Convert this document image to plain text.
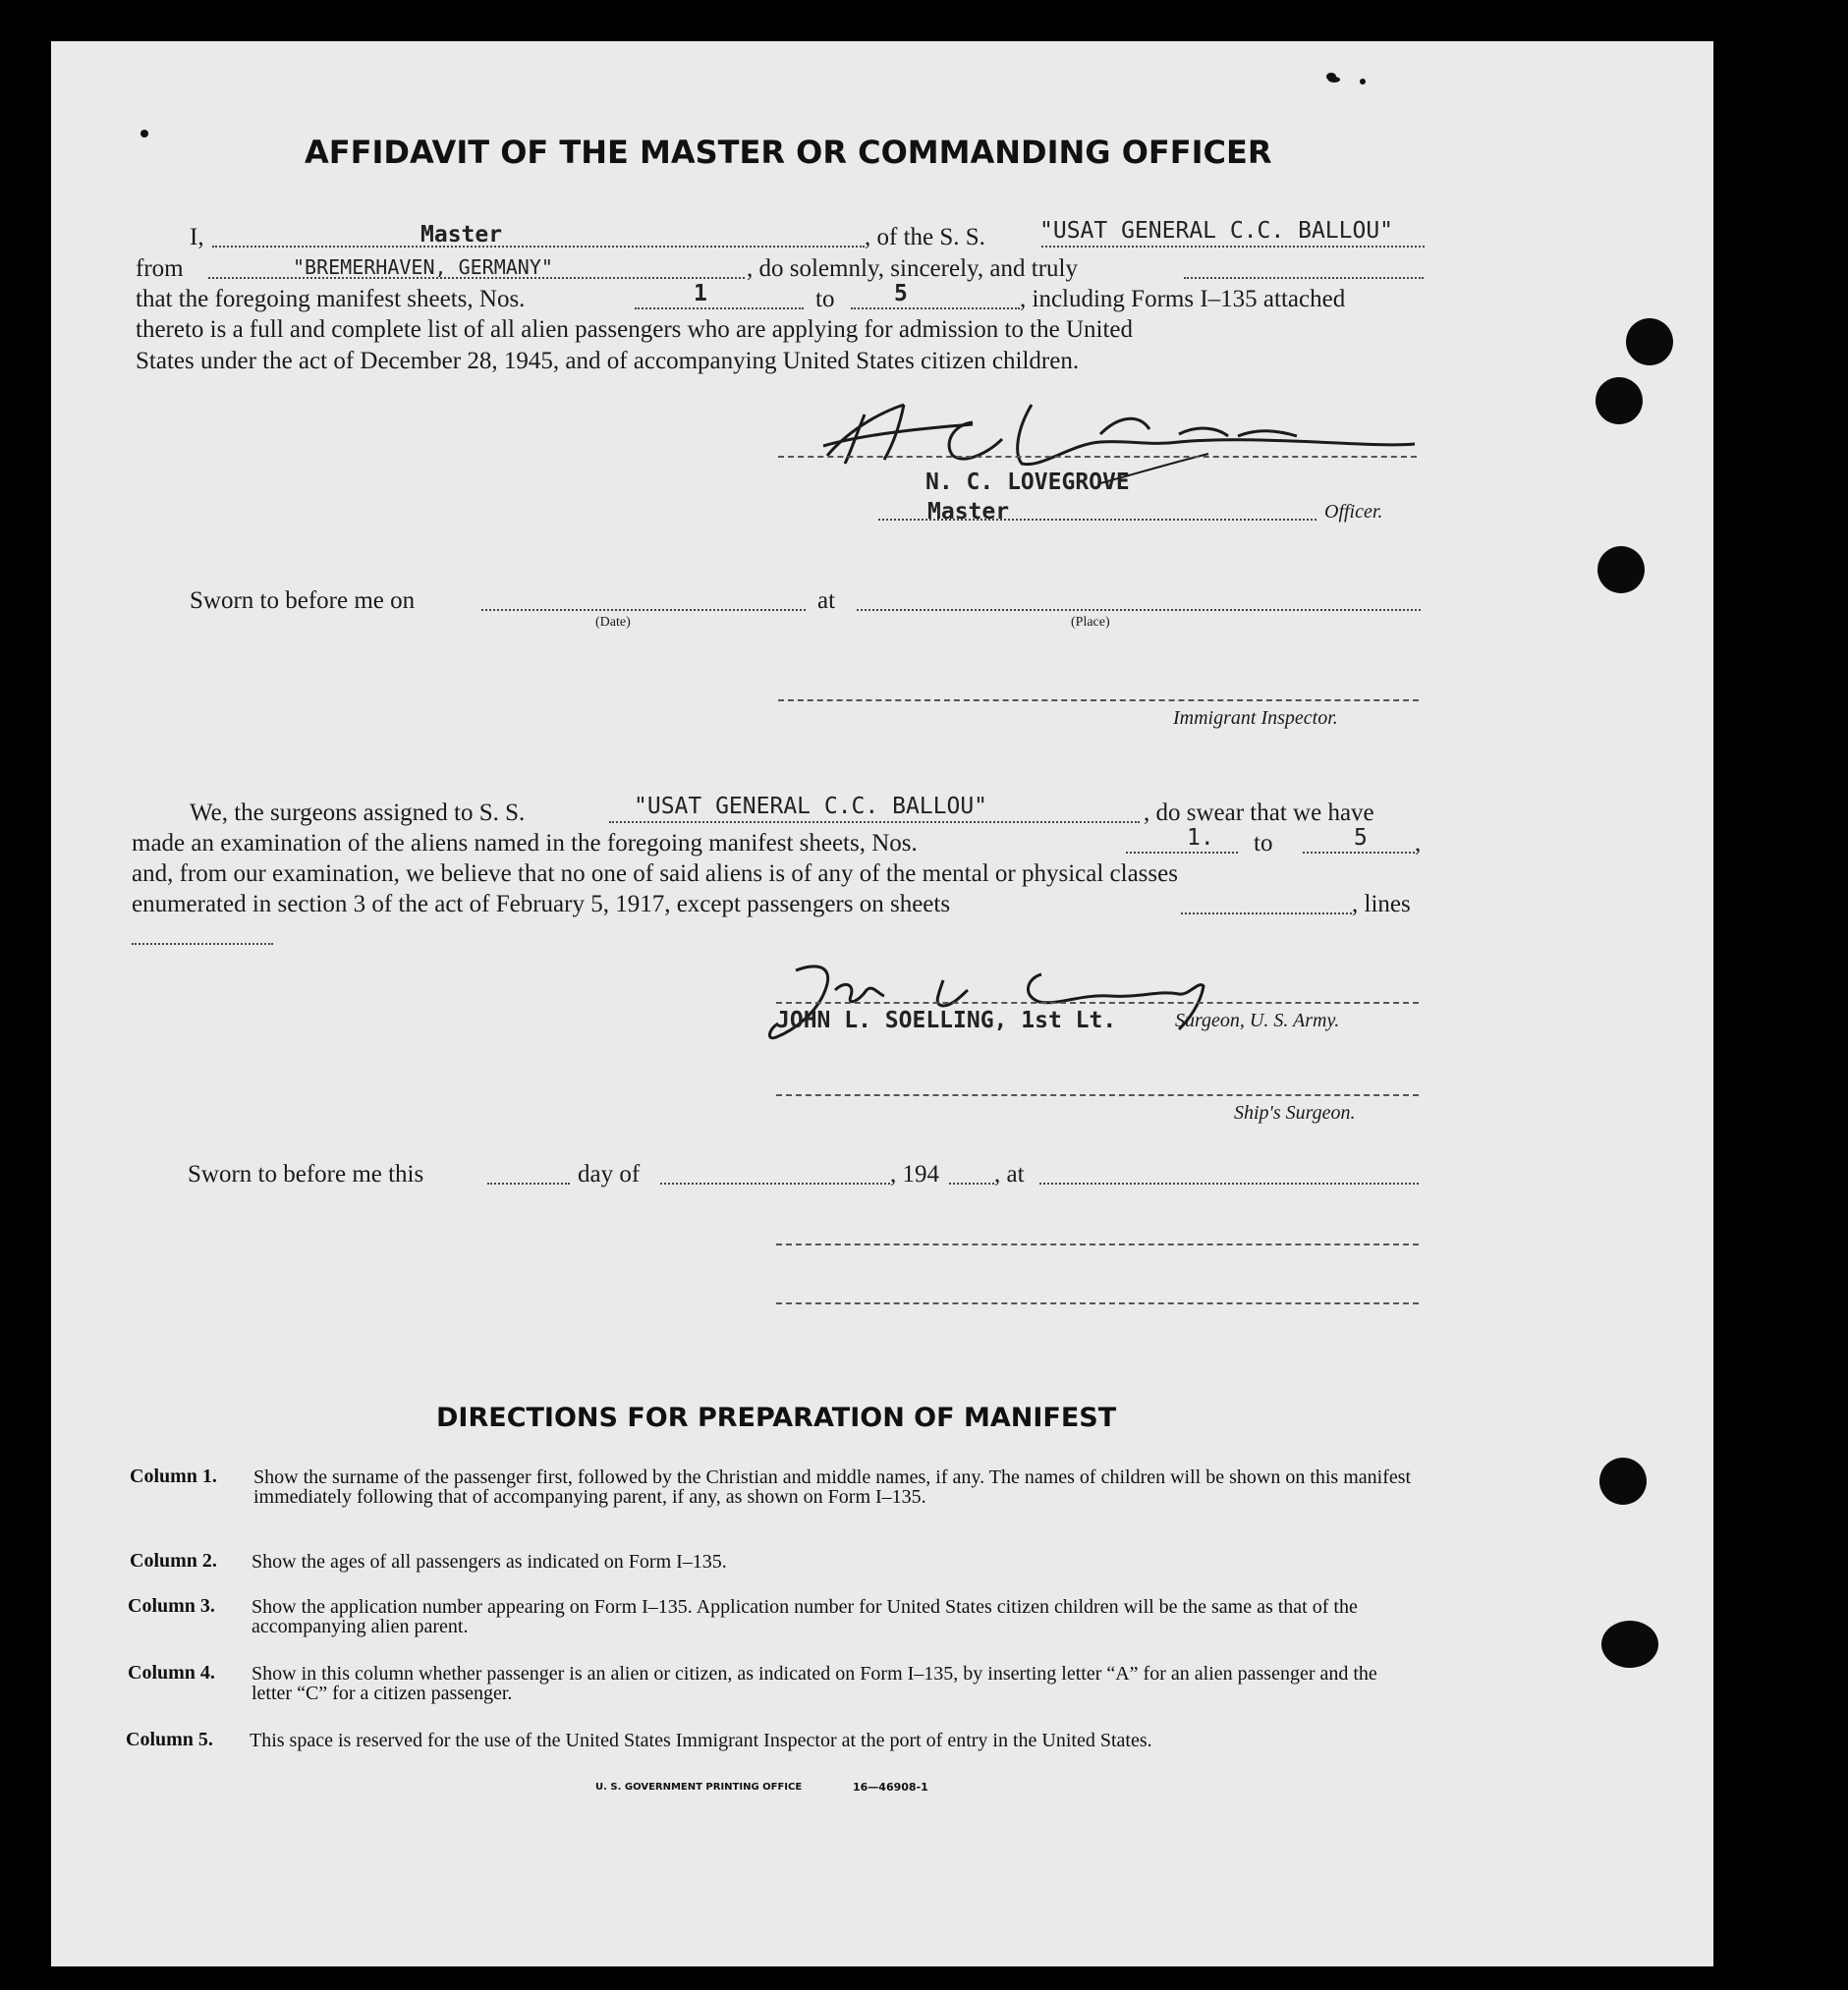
AFFIDAVIT OF THE MASTER OR COMMANDING OFFICER
I,	Master	, of the S. S. "USAT GENERAL C.C. BALLOU"
from	"BREMERHAVEN, GERMANY"	, do solemnly, sincerely, and truly
that the foregoing manifest sheets, Nos.	1	to	5	, including Forms I–135 attached
thereto is a full and complete list of all alien passengers who are applying for admission to the United
States under the act of December 28, 1945, and of accompanying United States citizen children.
N. C. LOVEGROVE
Master	Officer.
Sworn to before me on
(Date)
at
(Place)
Immigrant Inspector.
We, the surgeons assigned to S. S.	"USAT GENERAL C.C. BALLOU"	, do swear that we have
made an examination of the aliens named in the foregoing manifest sheets, Nos.	1. to	5 ,
and, from our examination, we believe that no one of said aliens is of any of the mental or physical classes
enumerated in section 3 of the act of February 5, 1917, except passengers on sheets	, lines
JOHN L. SOELLING, 1st Lt.	Surgeon, U. S. Army.
Ship's Surgeon.
Sworn to before me this	day of	, 194 , at
DIRECTIONS FOR PREPARATION OF MANIFEST
Column 1. Show the surname of the passenger first, followed by the Christian and middle names, if any. The names of children will be shown on this manifest immediately following that of accompanying parent, if any, as shown on Form I–135.
Column 2. Show the ages of all passengers as indicated on Form I–135.
Column 3. Show the application number appearing on Form I–135. Application number for United States citizen children will be the same as that of the accompanying alien parent.
Column 4. Show in this column whether passenger is an alien or citizen, as indicated on Form I–135, by inserting letter “A” for an alien passenger and the letter “C” for a citizen passenger.
Column 5. This space is reserved for the use of the United States Immigrant Inspector at the port of entry in the United States.
U. S. GOVERNMENT PRINTING OFFICE	16—46908-1
